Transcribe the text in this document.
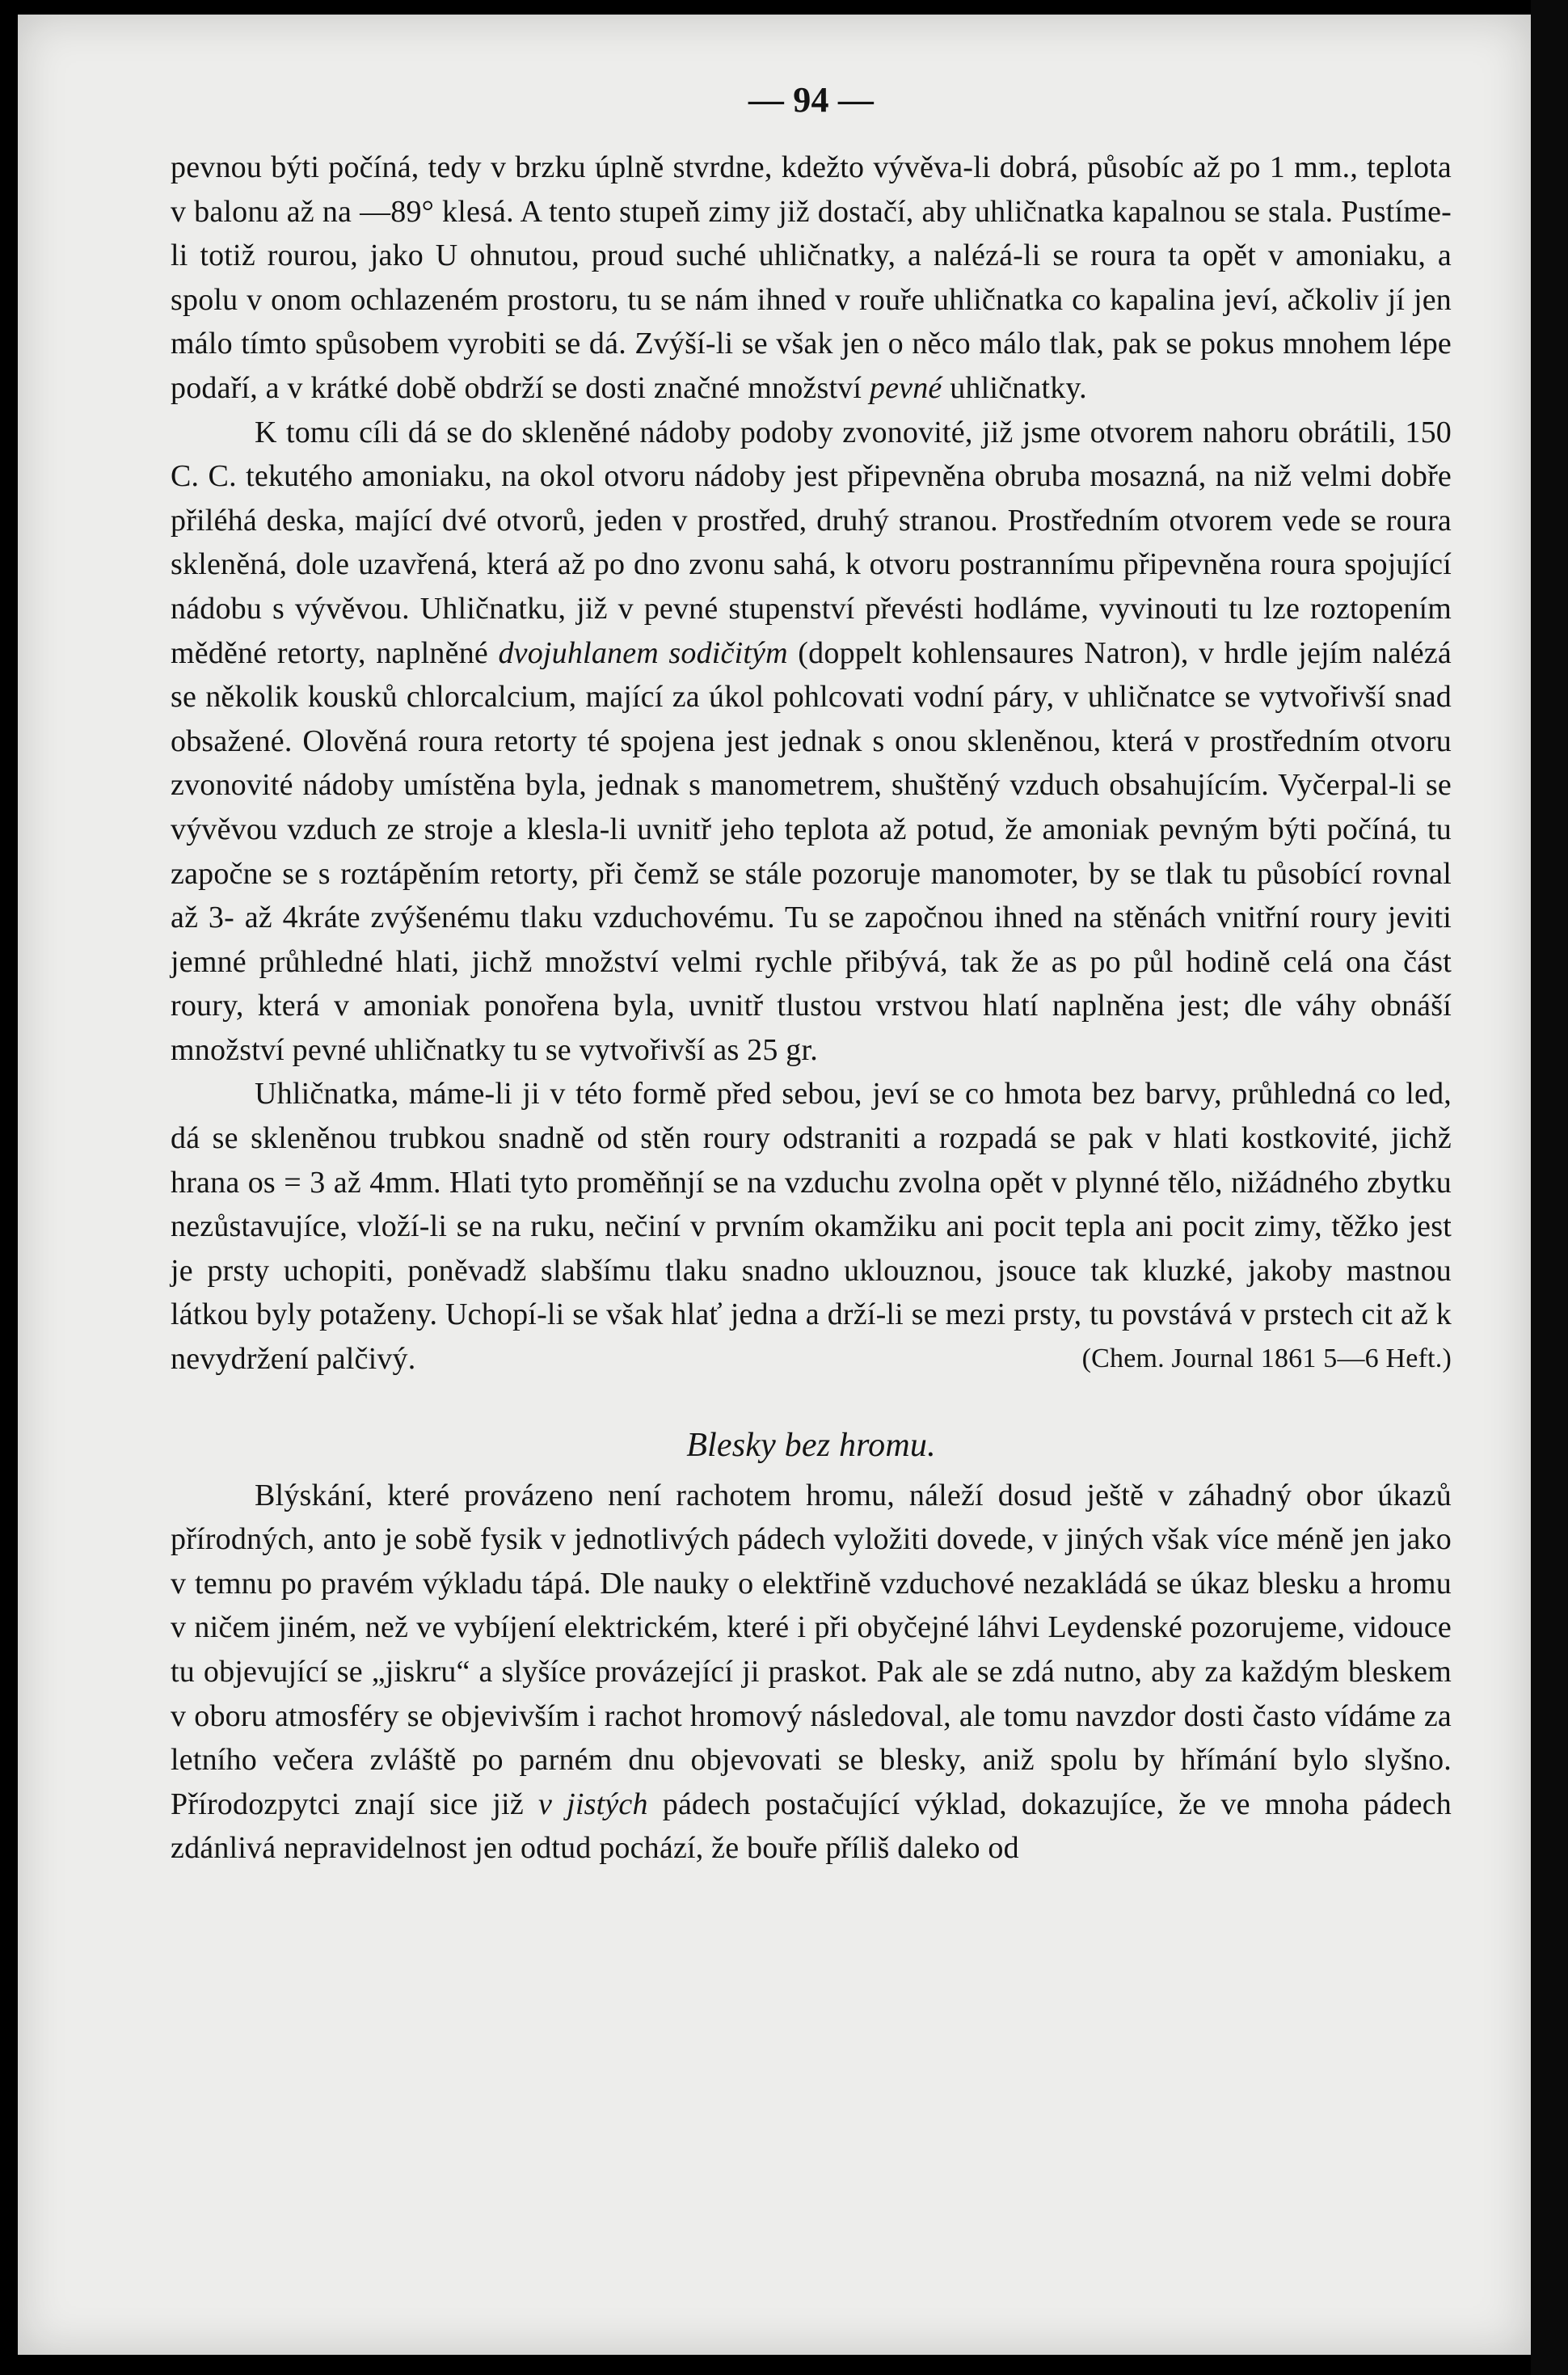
— 94 —

pevnou býti počíná, tedy v brzku úplně stvrdne, kdežto vývěva-li dobrá, působíc až po 1 mm., teplota v balonu až na —89° klesá. A tento stupeň zimy již dostačí, aby uhličnatka kapalnou se stala. Pustíme-li totiž rourou, jako U ohnutou, proud suché uhličnatky, a nalézá-li se roura ta opět v amoniaku, a spolu v onom ochlazeném prostoru, tu se nám ihned v rouře uhličnatka co kapalina jeví, ačkoliv jí jen málo tímto spůsobem vyrobiti se dá. Zvýší-li se však jen o něco málo tlak, pak se pokus mnohem lépe podaří, a v krátké době obdrží se dosti značné množství pevné uhličnatky.

K tomu cíli dá se do skleněné nádoby podoby zvonovité, již jsme otvorem nahoru obrátili, 150 C. C. tekutého amoniaku, na okol otvoru nádoby jest připevněna obruba mosazná, na niž velmi dobře přiléhá deska, mající dvé otvorů, jeden v prostřed, druhý stranou. Prostředním otvorem vede se roura skleněná, dole uzavřená, která až po dno zvonu sahá, k otvoru postrannímu připevněna roura spojující nádobu s vývěvou. Uhličnatku, již v pevné stupenství převésti hodláme, vyvinouti tu lze roztopením měděné retorty, naplněné dvojuhlanem sodičitým (doppelt kohlensaures Natron), v hrdle jejím nalézá se několik kousků chlorcalcium, mající za úkol pohlcovati vodní páry, v uhličnatce se vytvořivší snad obsažené. Olověná roura retorty té spojena jest jednak s onou skleněnou, která v prostředním otvoru zvonovité nádoby umístěna byla, jednak s manometrem, shuštěný vzduch obsahujícím. Vyčerpal-li se vývěvou vzduch ze stroje a klesla-li uvnitř jeho teplota až potud, že amoniak pevným býti počíná, tu započne se s roztápěním retorty, při čemž se stále pozoruje manomoter, by se tlak tu působící rovnal až 3- až 4kráte zvýšenému tlaku vzduchovému. Tu se započnou ihned na stěnách vnitřní roury jeviti jemné průhledné hlati, jichž množství velmi rychle přibývá, tak že as po půl hodině celá ona část roury, která v amoniak ponořena byla, uvnitř tlustou vrstvou hlatí naplněna jest; dle váhy obnáší množství pevné uhličnatky tu se vytvořivší as 25 gr.

Uhličnatka, máme-li ji v této formě před sebou, jeví se co hmota bez barvy, průhledná co led, dá se skleněnou trubkou snadně od stěn roury odstraniti a rozpadá se pak v hlati kostkovité, jichž hrana os = 3 až 4mm. Hlati tyto proměňnjí se na vzduchu zvolna opět v plynné tělo, nižádného zbytku nezůstavujíce, vloží-li se na ruku, nečiní v prvním okamžiku ani pocit tepla ani pocit zimy, těžko jest je prsty uchopiti, poněvadž slabšímu tlaku snadno uklouznou, jsouce tak kluzké, jakoby mastnou látkou byly potaženy. Uchopí-li se však hlať jedna a drží-li se mezi prsty, tu povstává v prstech cit až k nevydržení palčivý.	(Chem. Journal 1861 5—6 Heft.)

Blesky bez hromu.

Blýskání, které provázeno není rachotem hromu, náleží dosud ještě v záhadný obor úkazů přírodných, anto je sobě fysik v jednotlivých pádech vyložiti dovede, v jiných však více méně jen jako v temnu po pravém výkladu tápá. Dle nauky o elektřině vzduchové nezakládá se úkaz blesku a hromu v ničem jiném, než ve vybíjení elektrickém, které i při obyčejné láhvi Leydenské pozorujeme, vidouce tu objevující se „jiskru“ a slyšíce provázející ji praskot. Pak ale se zdá nutno, aby za každým bleskem v oboru atmosféry se objevivším i rachot hromový následoval, ale tomu navzdor dosti často vídáme za letního večera zvláště po parném dnu objevovati se blesky, aniž spolu by hřímání bylo slyšno. Přírodozpytci znají sice již v jistých pádech postačující výklad, dokazujíce, že ve mnoha pádech zdánlivá nepravidelnost jen odtud pochází, že bouře příliš daleko od
